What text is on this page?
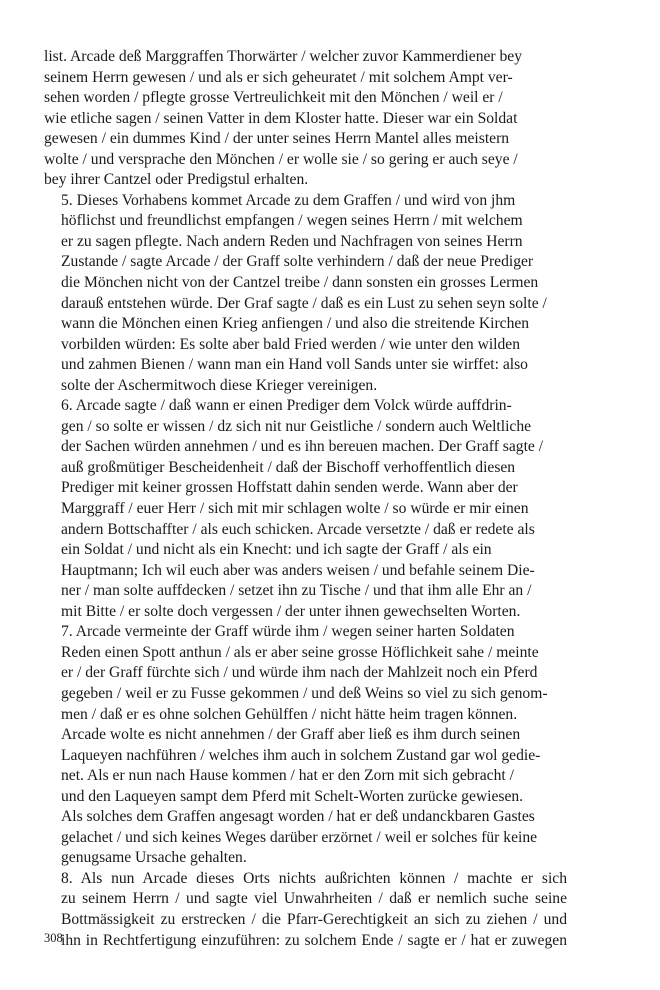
list. Arcade deß Marggraffen Thorwärter / welcher zuvor Kammerdiener bey
seinem Herrn gewesen / und als er sich geheuratet / mit solchem Ampt ver-
sehen worden / pflegte grosse Vertreulichkeit mit den Mönchen / weil er /
wie etliche sagen / seinen Vatter in dem Kloster hatte. Dieser war ein Soldat
gewesen / ein dummes Kind / der unter seines Herrn Mantel alles meistern
wolte / und versprache den Mönchen / er wolle sie / so gering er auch seye /
bey ihrer Cantzel oder Predigstul erhalten.

5. Dieses Vorhabens kommet Arcade zu dem Graffen / und wird von jhm
höflichst und freundlichst empfangen / wegen seines Herrn / mit welchem
er zu sagen pflegte. Nach andern Reden und Nachfragen von seines Herrn
Zustande / sagte Arcade / der Graff solte verhindern / daß der neue Prediger
die Mönchen nicht von der Cantzel treibe / dann sonsten ein grosses Lermen
darauß entstehen würde. Der Graf sagte / daß es ein Lust zu sehen seyn solte /
wann die Mönchen einen Krieg anfiengen / und also die streitende Kirchen
vorbilden würden: Es solte aber bald Fried werden / wie unter den wilden
und zahmen Bienen / wann man ein Hand voll Sands unter sie wirffet: also
solte der Aschermitwoch diese Krieger vereinigen.

6. Arcade sagte / daß wann er einen Prediger dem Volck würde auffdrin-
gen / so solte er wissen / dz sich nit nur Geistliche / sondern auch Weltliche
der Sachen würden annehmen / und es ihn bereuen machen. Der Graff sagte /
auß großmütiger Bescheidenheit / daß der Bischoff verhoffentlich diesen
Prediger mit keiner grossen Hoffstatt dahin senden werde. Wann aber der
Marggraff / euer Herr / sich mit mir schlagen wolte / so würde er mir einen
andern Bottschaffter / als euch schicken. Arcade versetzte / daß er redete als
ein Soldat / und nicht als ein Knecht: und ich sagte der Graff / als ein
Hauptmann; Ich wil euch aber was anders weisen / und befahle seinem Die-
ner / man solte auffdecken / setzet ihn zu Tische / und that ihm alle Ehr an /
mit Bitte / er solte doch vergessen / der unter ihnen gewechselten Worten.

7. Arcade vermeinte der Graff würde ihm / wegen seiner harten Soldaten
Reden einen Spott anthun / als er aber seine grosse Höflichkeit sahe / meinte
er / der Graff fürchte sich / und würde ihm nach der Mahlzeit noch ein Pferd
gegeben / weil er zu Fusse gekommen / und deß Weins so viel zu sich genom-
men / daß er es ohne solchen Gehülffen / nicht hätte heim tragen können.
Arcade wolte es nicht annehmen / der Graff aber ließ es ihm durch seinen
Laqueyen nachführen / welches ihm auch in solchem Zustand gar wol gedie-
net. Als er nun nach Hause kommen / hat er den Zorn mit sich gebracht /
und den Laqueyen sampt dem Pferd mit Schelt-Worten zurücke gewiesen.
Als solches dem Graffen angesagt worden / hat er deß undanckbaren Gastes
gelachet / und sich keines Weges darüber erzörnet / weil er solches für keine
genugsame Ursache gehalten.

8. Als nun Arcade dieses Orts nichts außrichten können / machte er sich
zu seinem Herrn / und sagte viel Unwahrheiten / daß er nemlich suche seine
Bottmässigkeit zu erstrecken / die Pfarr-Gerechtigkeit an sich zu ziehen / und
ihn in Rechtfertigung einzuführen: zu solchem Ende / sagte er / hat er zuwegen

308
